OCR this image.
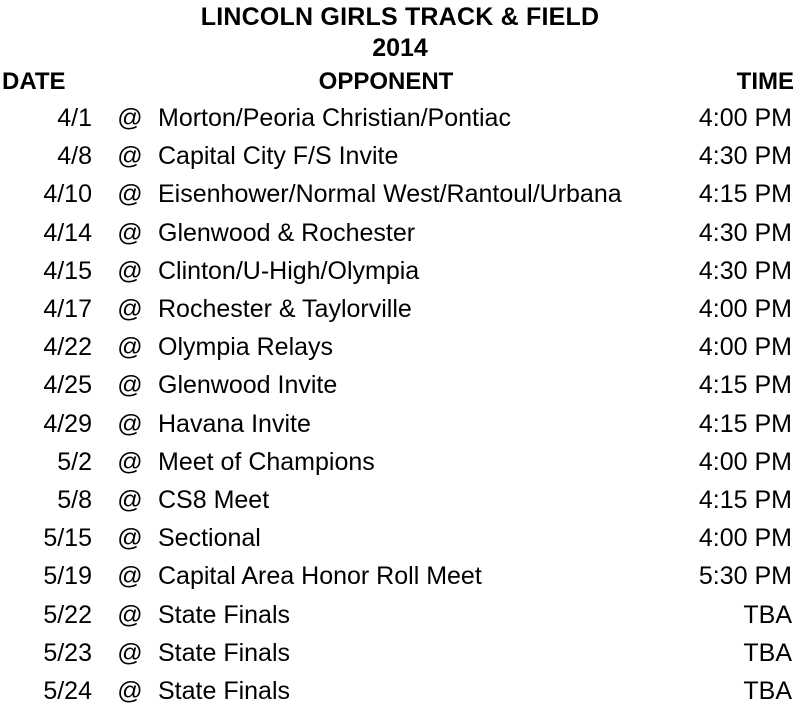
LINCOLN GIRLS TRACK & FIELD
2014
DATE	OPPONENT	TIME
4/1	@ Morton/Peoria Christian/Pontiac	4:00 PM
4/8	@ Capital City F/S Invite	4:30 PM
4/10	@ Eisenhower/Normal West/Rantoul/Urbana	4:15 PM
4/14	@ Glenwood & Rochester	4:30 PM
4/15	@ Clinton/U-High/Olympia	4:30 PM
4/17	@ Rochester & Taylorville	4:00 PM
4/22	@ Olympia Relays	4:00 PM
4/25	@ Glenwood Invite	4:15 PM
4/29	@ Havana Invite	4:15 PM
5/2	@ Meet of Champions	4:00 PM
5/8	@ CS8 Meet	4:15 PM
5/15	@ Sectional	4:00 PM
5/19	@ Capital Area Honor Roll Meet	5:30 PM
5/22	@ State Finals	TBA
5/23	@ State Finals	TBA
5/24	@ State Finals	TBA
